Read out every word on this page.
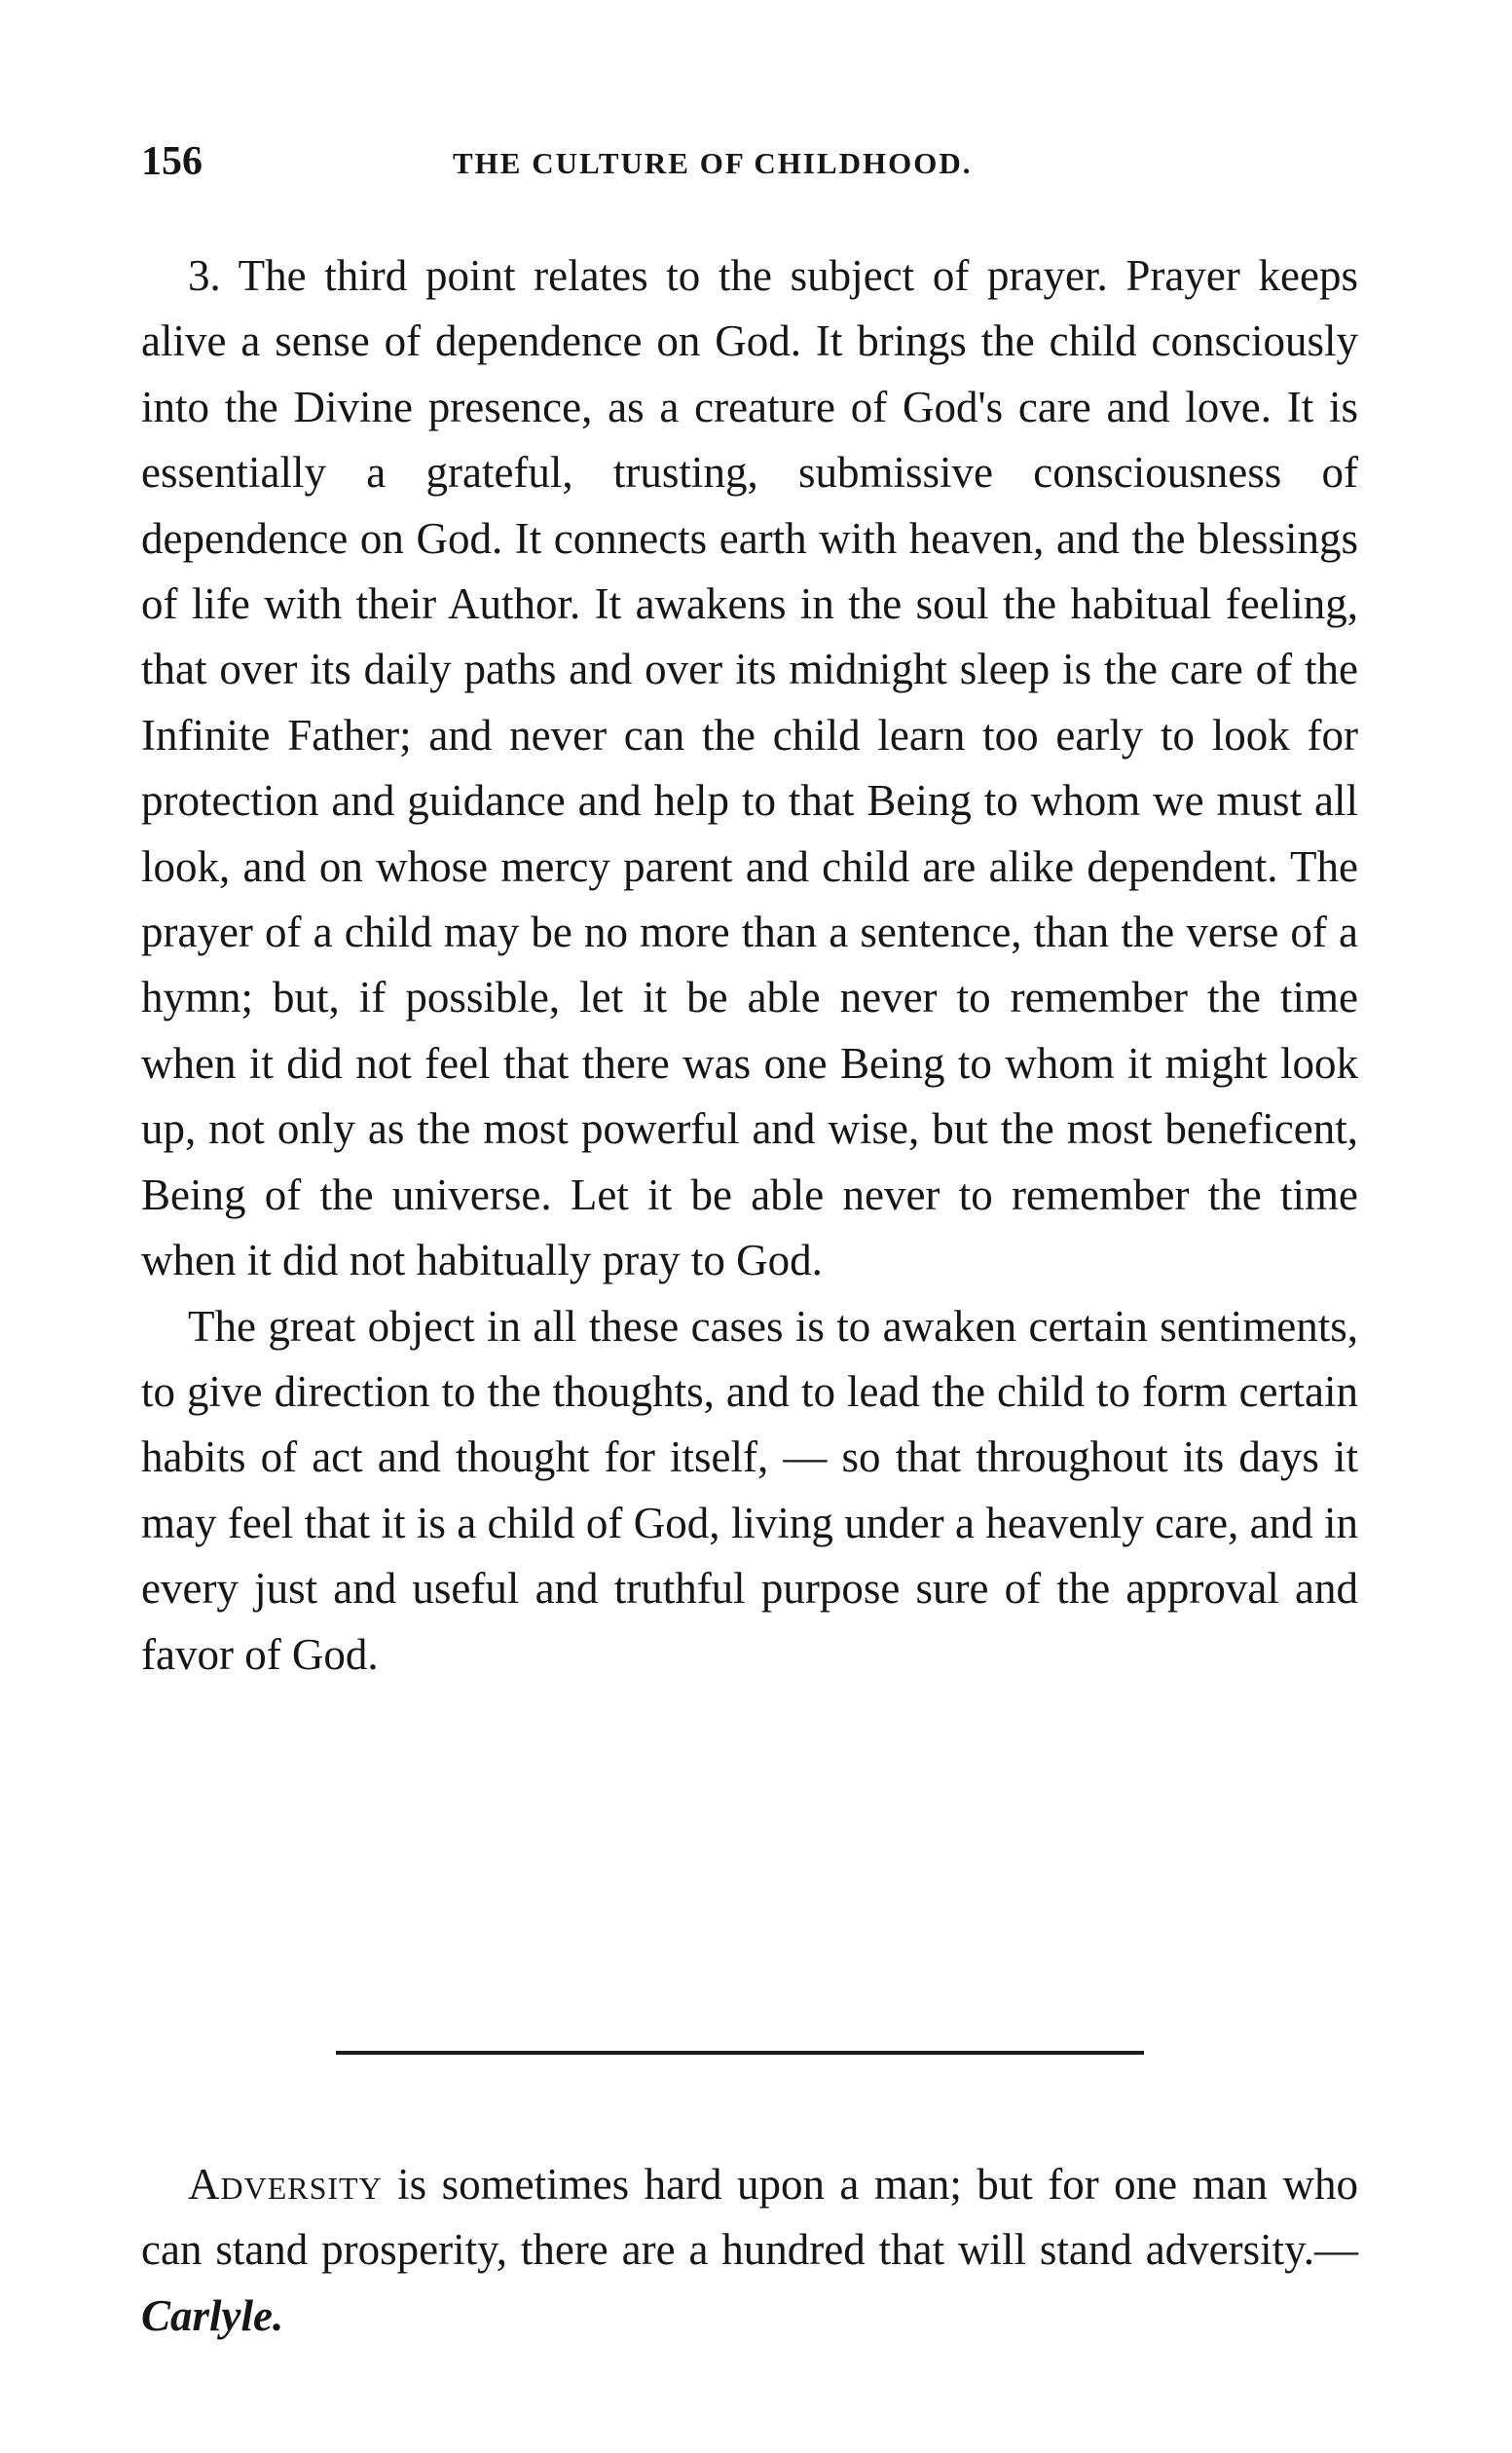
156	THE CULTURE OF CHILDHOOD.

3. The third point relates to the subject of prayer. Prayer keeps alive a sense of dependence on God. It brings the child consciously into the Divine presence, as a creature of God's care and love. It is essentially a grateful, trusting, submissive consciousness of dependence on God. It connects earth with heaven, and the blessings of life with their Author. It awakens in the soul the habitual feeling, that over its daily paths and over its midnight sleep is the care of the Infinite Father; and never can the child learn too early to look for protection and guidance and help to that Being to whom we must all look, and on whose mercy parent and child are alike dependent. The prayer of a child may be no more than a sentence, than the verse of a hymn; but, if possible, let it be able never to remember the time when it did not feel that there was one Being to whom it might look up, not only as the most powerful and wise, but the most beneficent, Being of the universe. Let it be able never to remember the time when it did not habitually pray to God.

The great object in all these cases is to awaken certain sentiments, to give direction to the thoughts, and to lead the child to form certain habits of act and thought for itself, — so that throughout its days it may feel that it is a child of God, living under a heavenly care, and in every just and useful and truthful purpose sure of the approval and favor of God.

Adversity is sometimes hard upon a man; but for one man who can stand prosperity, there are a hundred that will stand adversity.—Carlyle.
